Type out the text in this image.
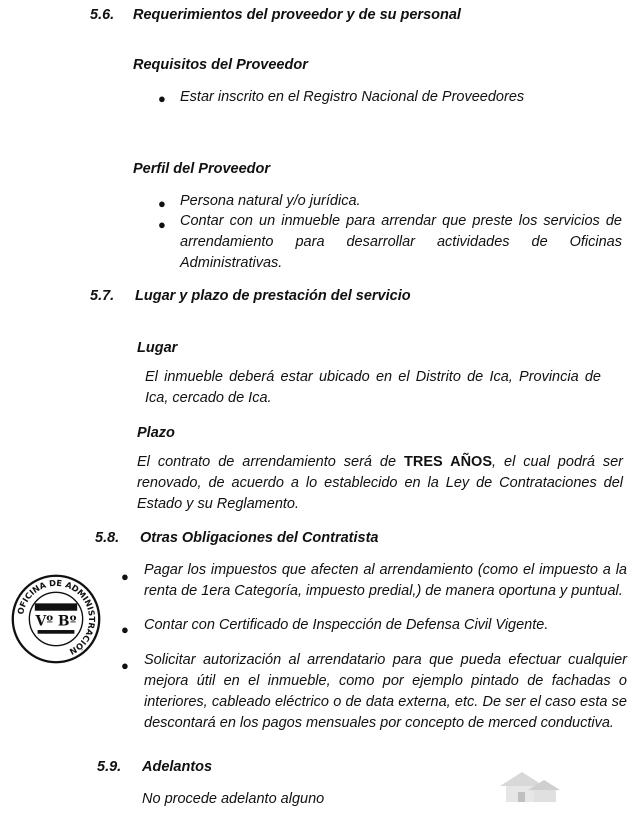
5.6. Requerimientos del proveedor y de su personal
Requisitos del Proveedor
● Estar inscrito en el Registro Nacional de Proveedores
Perfil del Proveedor
● Persona natural y/o jurídica.
● Contar con un inmueble para arrendar que preste los servicios de arrendamiento para desarrollar actividades de Oficinas Administrativas.
5.7. Lugar y plazo de prestación del servicio
Lugar
El inmueble deberá estar ubicado en el Distrito de Ica, Provincia de Ica, cercado de Ica.
Plazo
El contrato de arrendamiento será de TRES AÑOS, el cual podrá ser renovado, de acuerdo a lo establecido en la Ley de Contrataciones del Estado y su Reglamento.
5.8. Otras Obligaciones del Contratista
● Pagar los impuestos que afecten al arrendamiento (como el impuesto a la renta de 1era Categoría, impuesto predial,) de manera oportuna y puntual.
● Contar con Certificado de Inspección de Defensa Civil Vigente.
● Solicitar autorización al arrendatario para que pueda efectuar cualquier mejora útil en el inmueble, como por ejemplo pintado de fachadas o interiores, cableado eléctrico o de data externa, etc. De ser el caso esta se descontará en los pagos mensuales por concepto de merced conductiva.
5.9. Adelantos
No procede adelanto alguno
OFICINA DE ADMINISTRACIÓN
Vº Bº
